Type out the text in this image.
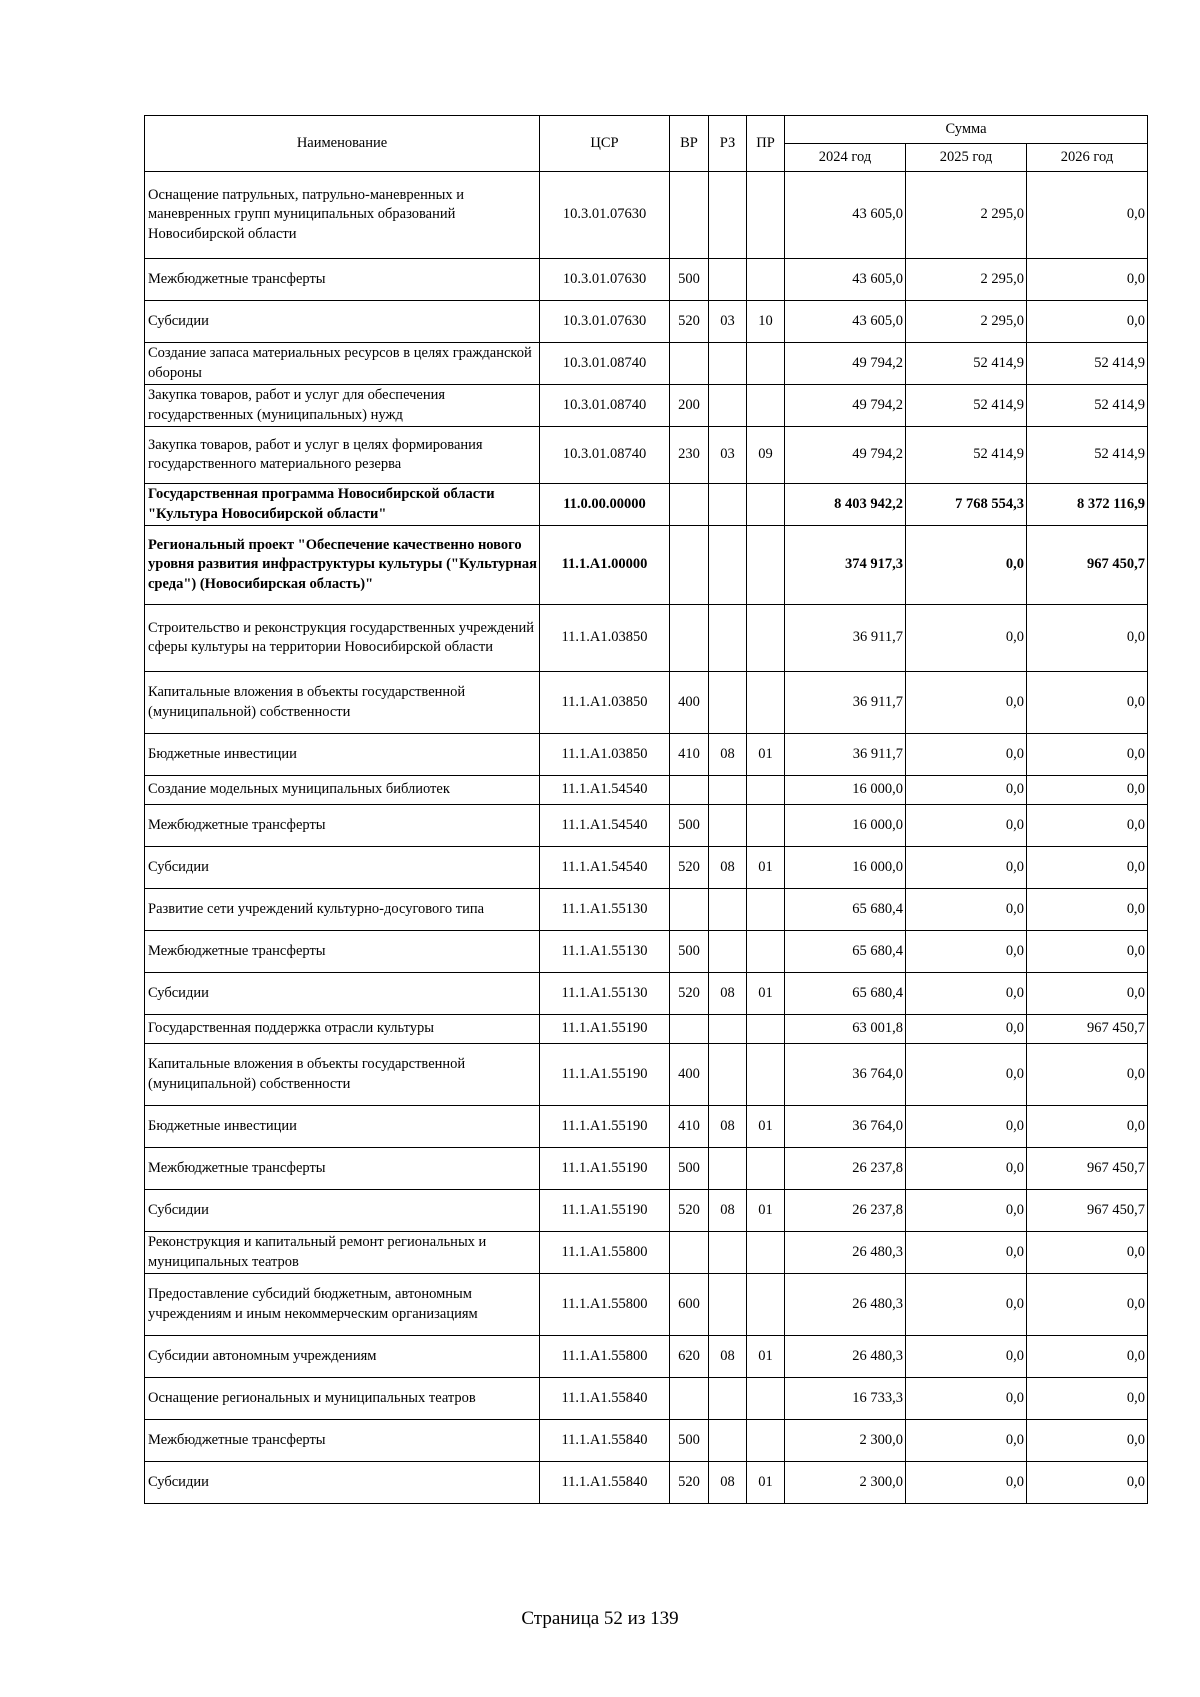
Наименование	ЦСР	ВР	РЗ	ПР	Сумма		
					2024 год	2025 год	2026 год
Оснащение патрульных, патрульно-маневренных и маневренных групп муниципальных образований Новосибирской области	10.3.01.07630				43 605,0	2 295,0	0,0
Межбюджетные трансферты	10.3.01.07630	500			43 605,0	2 295,0	0,0
Субсидии	10.3.01.07630	520	03	10	43 605,0	2 295,0	0,0
Создание запаса материальных ресурсов в целях гражданской обороны	10.3.01.08740				49 794,2	52 414,9	52 414,9
Закупка товаров, работ и услуг для обеспечения государственных (муниципальных) нужд	10.3.01.08740	200			49 794,2	52 414,9	52 414,9
Закупка товаров, работ и услуг в целях формирования государственного материального резерва	10.3.01.08740	230	03	09	49 794,2	52 414,9	52 414,9
Государственная программа Новосибирской области "Культура Новосибирской области"	11.0.00.00000				8 403 942,2	7 768 554,3	8 372 116,9
Региональный проект "Обеспечение качественно нового уровня развития инфраструктуры культуры ("Культурная среда") (Новосибирская область)"	11.1.А1.00000				374 917,3	0,0	967 450,7
Строительство и реконструкция государственных учреждений сферы культуры на территории Новосибирской области	11.1.А1.03850				36 911,7	0,0	0,0
Капитальные вложения в объекты государственной (муниципальной) собственности	11.1.А1.03850	400			36 911,7	0,0	0,0
Бюджетные инвестиции	11.1.А1.03850	410	08	01	36 911,7	0,0	0,0
Создание модельных муниципальных библиотек	11.1.А1.54540				16 000,0	0,0	0,0
Межбюджетные трансферты	11.1.А1.54540	500			16 000,0	0,0	0,0
Субсидии	11.1.А1.54540	520	08	01	16 000,0	0,0	0,0
Развитие сети учреждений культурно-досугового типа	11.1.А1.55130				65 680,4	0,0	0,0
Межбюджетные трансферты	11.1.А1.55130	500			65 680,4	0,0	0,0
Субсидии	11.1.А1.55130	520	08	01	65 680,4	0,0	0,0
Государственная поддержка отрасли культуры	11.1.А1.55190				63 001,8	0,0	967 450,7
Капитальные вложения в объекты государственной (муниципальной) собственности	11.1.А1.55190	400			36 764,0	0,0	0,0
Бюджетные инвестиции	11.1.А1.55190	410	08	01	36 764,0	0,0	0,0
Межбюджетные трансферты	11.1.А1.55190	500			26 237,8	0,0	967 450,7
Субсидии	11.1.А1.55190	520	08	01	26 237,8	0,0	967 450,7
Реконструкция и капитальный ремонт региональных и муниципальных театров	11.1.А1.55800				26 480,3	0,0	0,0
Предоставление субсидий бюджетным, автономным учреждениям и иным некоммерческим организациям	11.1.А1.55800	600			26 480,3	0,0	0,0
Субсидии автономным учреждениям	11.1.А1.55800	620	08	01	26 480,3	0,0	0,0
Оснащение региональных и муниципальных театров	11.1.А1.55840				16 733,3	0,0	0,0
Межбюджетные трансферты	11.1.А1.55840	500			2 300,0	0,0	0,0
Субсидии	11.1.А1.55840	520	08	01	2 300,0	0,0	0,0
Страница 52 из 139
